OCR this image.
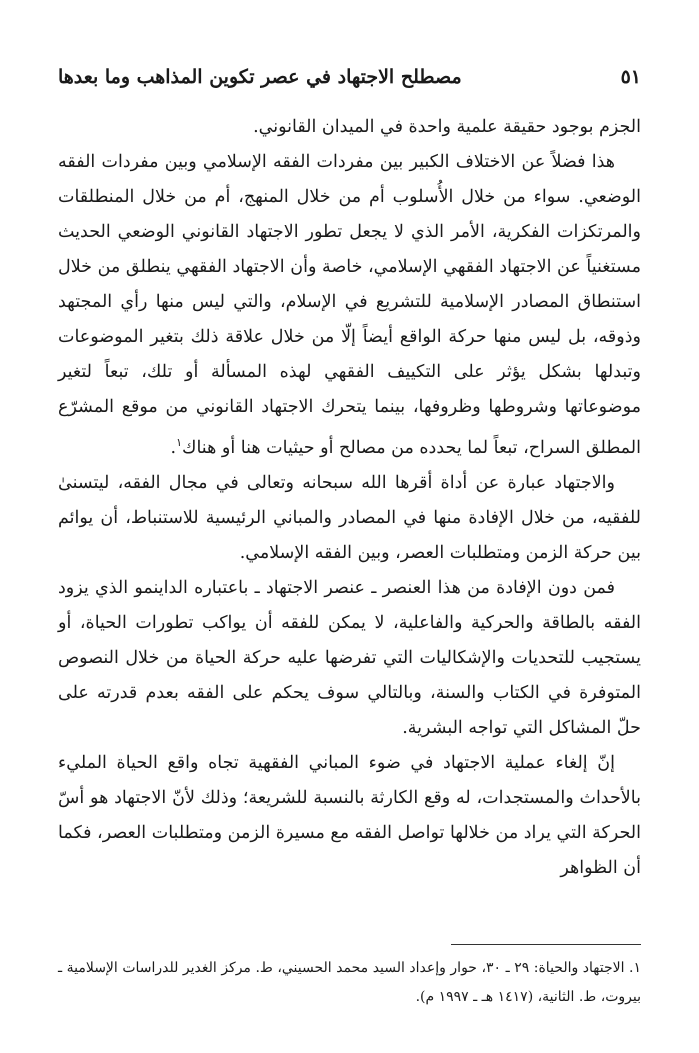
مصطلح الاجتهاد في عصر تكوين المذاهب وما بعدها	٥١

الجزم بوجود حقيقة علمية واحدة في الميدان القانوني.

هذا فضلاً عن الاختلاف الكبير بين مفردات الفقه الإسلامي وبين مفردات الفقه الوضعي. سواء من خلال الأُسلوب أم من خلال المنهج، أم من خلال المنطلقات والمرتكزات الفكرية، الأمر الذي لا يجعل تطور الاجتهاد القانوني الوضعي الحديث مستغنياً عن الاجتهاد الفقهي الإسلامي، خاصة وأن الاجتهاد الفقهي ينطلق من خلال استنطاق المصادر الإسلامية للتشريع في الإسلام، والتي ليس منها رأي المجتهد وذوقه، بل ليس منها حركة الواقع أيضاً إلّا من خلال علاقة ذلك بتغير الموضوعات وتبدلها بشكل يؤثر على التكييف الفقهي لهذه المسألة أو تلك، تبعاً لتغير موضوعاتها وشروطها وظروفها، بينما يتحرك الاجتهاد القانوني من موقع المشرّع المطلق السراح، تبعاً لما يحدده من مصالح أو حيثيات هنا أو هناك$^١$.

والاجتهاد عبارة عن أداة أقرها الله سبحانه وتعالى في مجال الفقه، ليتسنىٰ للفقيه، من خلال الإفادة منها في المصادر والمباني الرئيسية للاستنباط، أن يوائم بين حركة الزمن ومتطلبات العصر، وبين الفقه الإسلامي.

فمن دون الإفادة من هذا العنصر ـ عنصر الاجتهاد ـ باعتباره الداينمو الذي يزود الفقه بالطاقة والحركية والفاعلية، لا يمكن للفقه أن يواكب تطورات الحياة، أو يستجيب للتحديات والإشكاليات التي تفرضها عليه حركة الحياة من خلال النصوص المتوفرة في الكتاب والسنة، وبالتالي سوف يحكم على الفقه بعدم قدرته على حلّ المشاكل التي تواجه البشرية.

إنّ إلغاء عملية الاجتهاد في ضوء المباني الفقهية تجاه واقع الحياة المليء بالأحداث والمستجدات، له وقع الكارثة بالنسبة للشريعة؛ وذلك لأنّ الاجتهاد هو أسّ الحركة التي يراد من خلالها تواصل الفقه مع مسيرة الزمن ومتطلبات العصر، فكما أن الظواهر

١. الاجتهاد والحياة: ٢٩ ـ ٣٠، حوار وإعداد السيد محمد الحسيني، ط. مركز الغدير للدراسات الإسلامية ـ بيروت، ط. الثانية، (١٤١٧ هـ ـ ١٩٩٧ م).
